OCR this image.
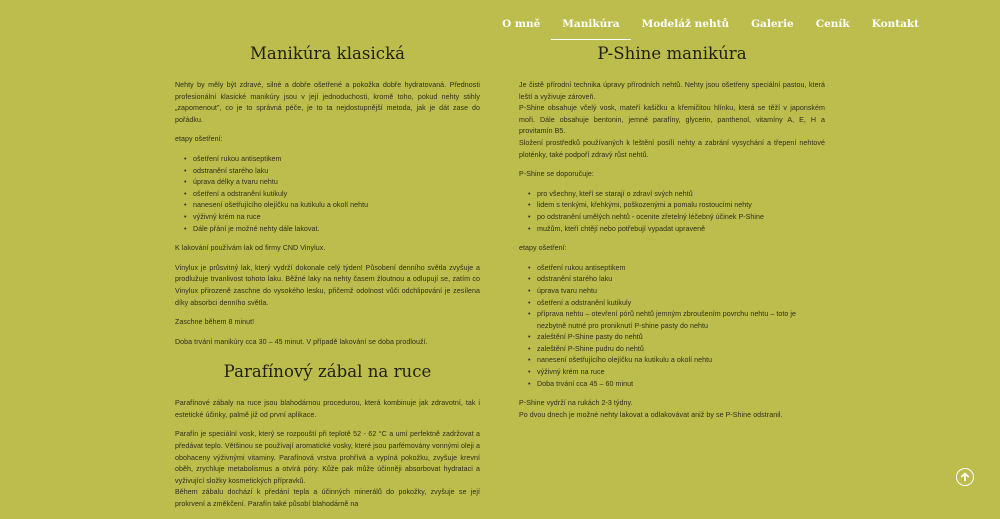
O mně	Manikúra	Modeláž nehtů	Galerie	Ceník	Kontakt
Manikúra klasická

Nehty by měly být zdravé, silné a dobře ošetřené a pokožka dobře hydratovaná. Přednosti profesionální klasické manikúry jsou v její jednoduchosti, kromě toho, pokud nehty stihly „zapomenout", co je to správná péče, je to ta nejdostupnější metoda, jak je dát zase do pořádku.

etapy ošetření:

• ošetření rukou antiseptikem
• odstranění starého laku
• úprava délky a tvaru nehtu
• ošetření a odstranění kutikuly
• nanesení ošetřujícího olejíčku na kutikulu a okolí nehtu
• výživný krém na ruce
• Dále přání je možné nehty dále lakovat.

K lakování používám lak od firmy CND Vinylux.

Vinylux je průsvitný lak, který vydrží dokonale celý týden! Působení denního světla zvyšuje a prodlužuje trvanlivost tohoto laku. Běžné laky na nehty časem žloutnou a odlupují se, zatím co Vinylux přirozeně zaschne do vysokého lesku, přičemž odolnost vůči odchlipování je zesílena díky absorbci denního světla.

Zaschne během 8 minut!

Doba trvání manikúry cca 30 – 45 minut. V případě lakování se doba prodlouží.

Parafínový zábal na ruce

Parafínové zábaly na ruce jsou blahodárnou procedurou, která kombinuje jak zdravotní, tak i estetické účinky, palmě již od první aplikace.

Parafín je speciální vosk, který se rozpouští při teplotě 52 - 62 °C a umí perfektně zadržovat a předávat teplo. Většinou se používají aromatické vosky, které jsou parfémovány vonnými oleji a obohaceny výživnými vitaminy. Parafínová vrstva prohřívá a vypíná pokožku, zvyšuje krevní oběh, zrychluje metabolismus a otvírá póry. Kůže pak může účinněji absorbovat hydrataci a vyživující složky kosmetických přípravků.

Během zábalu dochází k předání tepla a účinných minerálů do pokožky, zvyšuje se její prokrvení a změkčení. Parafín také působí blahodárně na

P-Shine manikúra

Je čistě přírodní technika úpravy přírodních nehtů. Nehty jsou ošetřeny speciální pastou, která leští a vyživuje zároveň.

P-Shine obsahuje včelý vosk, mateří kašičku a křemičitou hlínku, která se těží v japonském moři. Dále obsahuje bentonin, jemné parafíny, glycerin, panthenol, vitamíny A, E, H a provitamín B5.

Složení prostředků používaných k leštění posílí nehty a zabrání vysychání a třepení nehtové ploténky, také podpoří zdravý růst nehtů.

P-Shine se doporučuje:

• pro všechny, kteří se starají o zdraví svých nehtů
• lidem s tenkými, křehkými, poškozenými a pomalu rostoucími nehty
• po odstranění umělých nehtů - ocenite zřetelný léčebný účinek P-Shine
• mužům, kteří chtějí nebo potřebují vypadat upraveně

etapy ošetření:

• ošetření rukou antiseptikem
• odstranění starého laku
• úprava tvaru nehtu
• ošetření a odstranění kutikuly
• příprava nehtu – otevření pórů nehtů jemným zbroušením povrchu nehtu – toto je nezbytně nutné pro proniknutí P-shine pasty do nehtu
• zaleštění P-Shine pasty do nehtů
• zaleštění P-Shine pudru do nehtů
• nanesení ošetřujícího olejíčku na kutikulu a okolí nehtu
• výživný krém na ruce
• Doba trvání cca 45 – 60 minut

P-Shine vydrží na rukách 2-3 týdny.

Po dvou dnech je možné nehty lakovat a odlakovávat aniž by se P-Shine odstranil.
